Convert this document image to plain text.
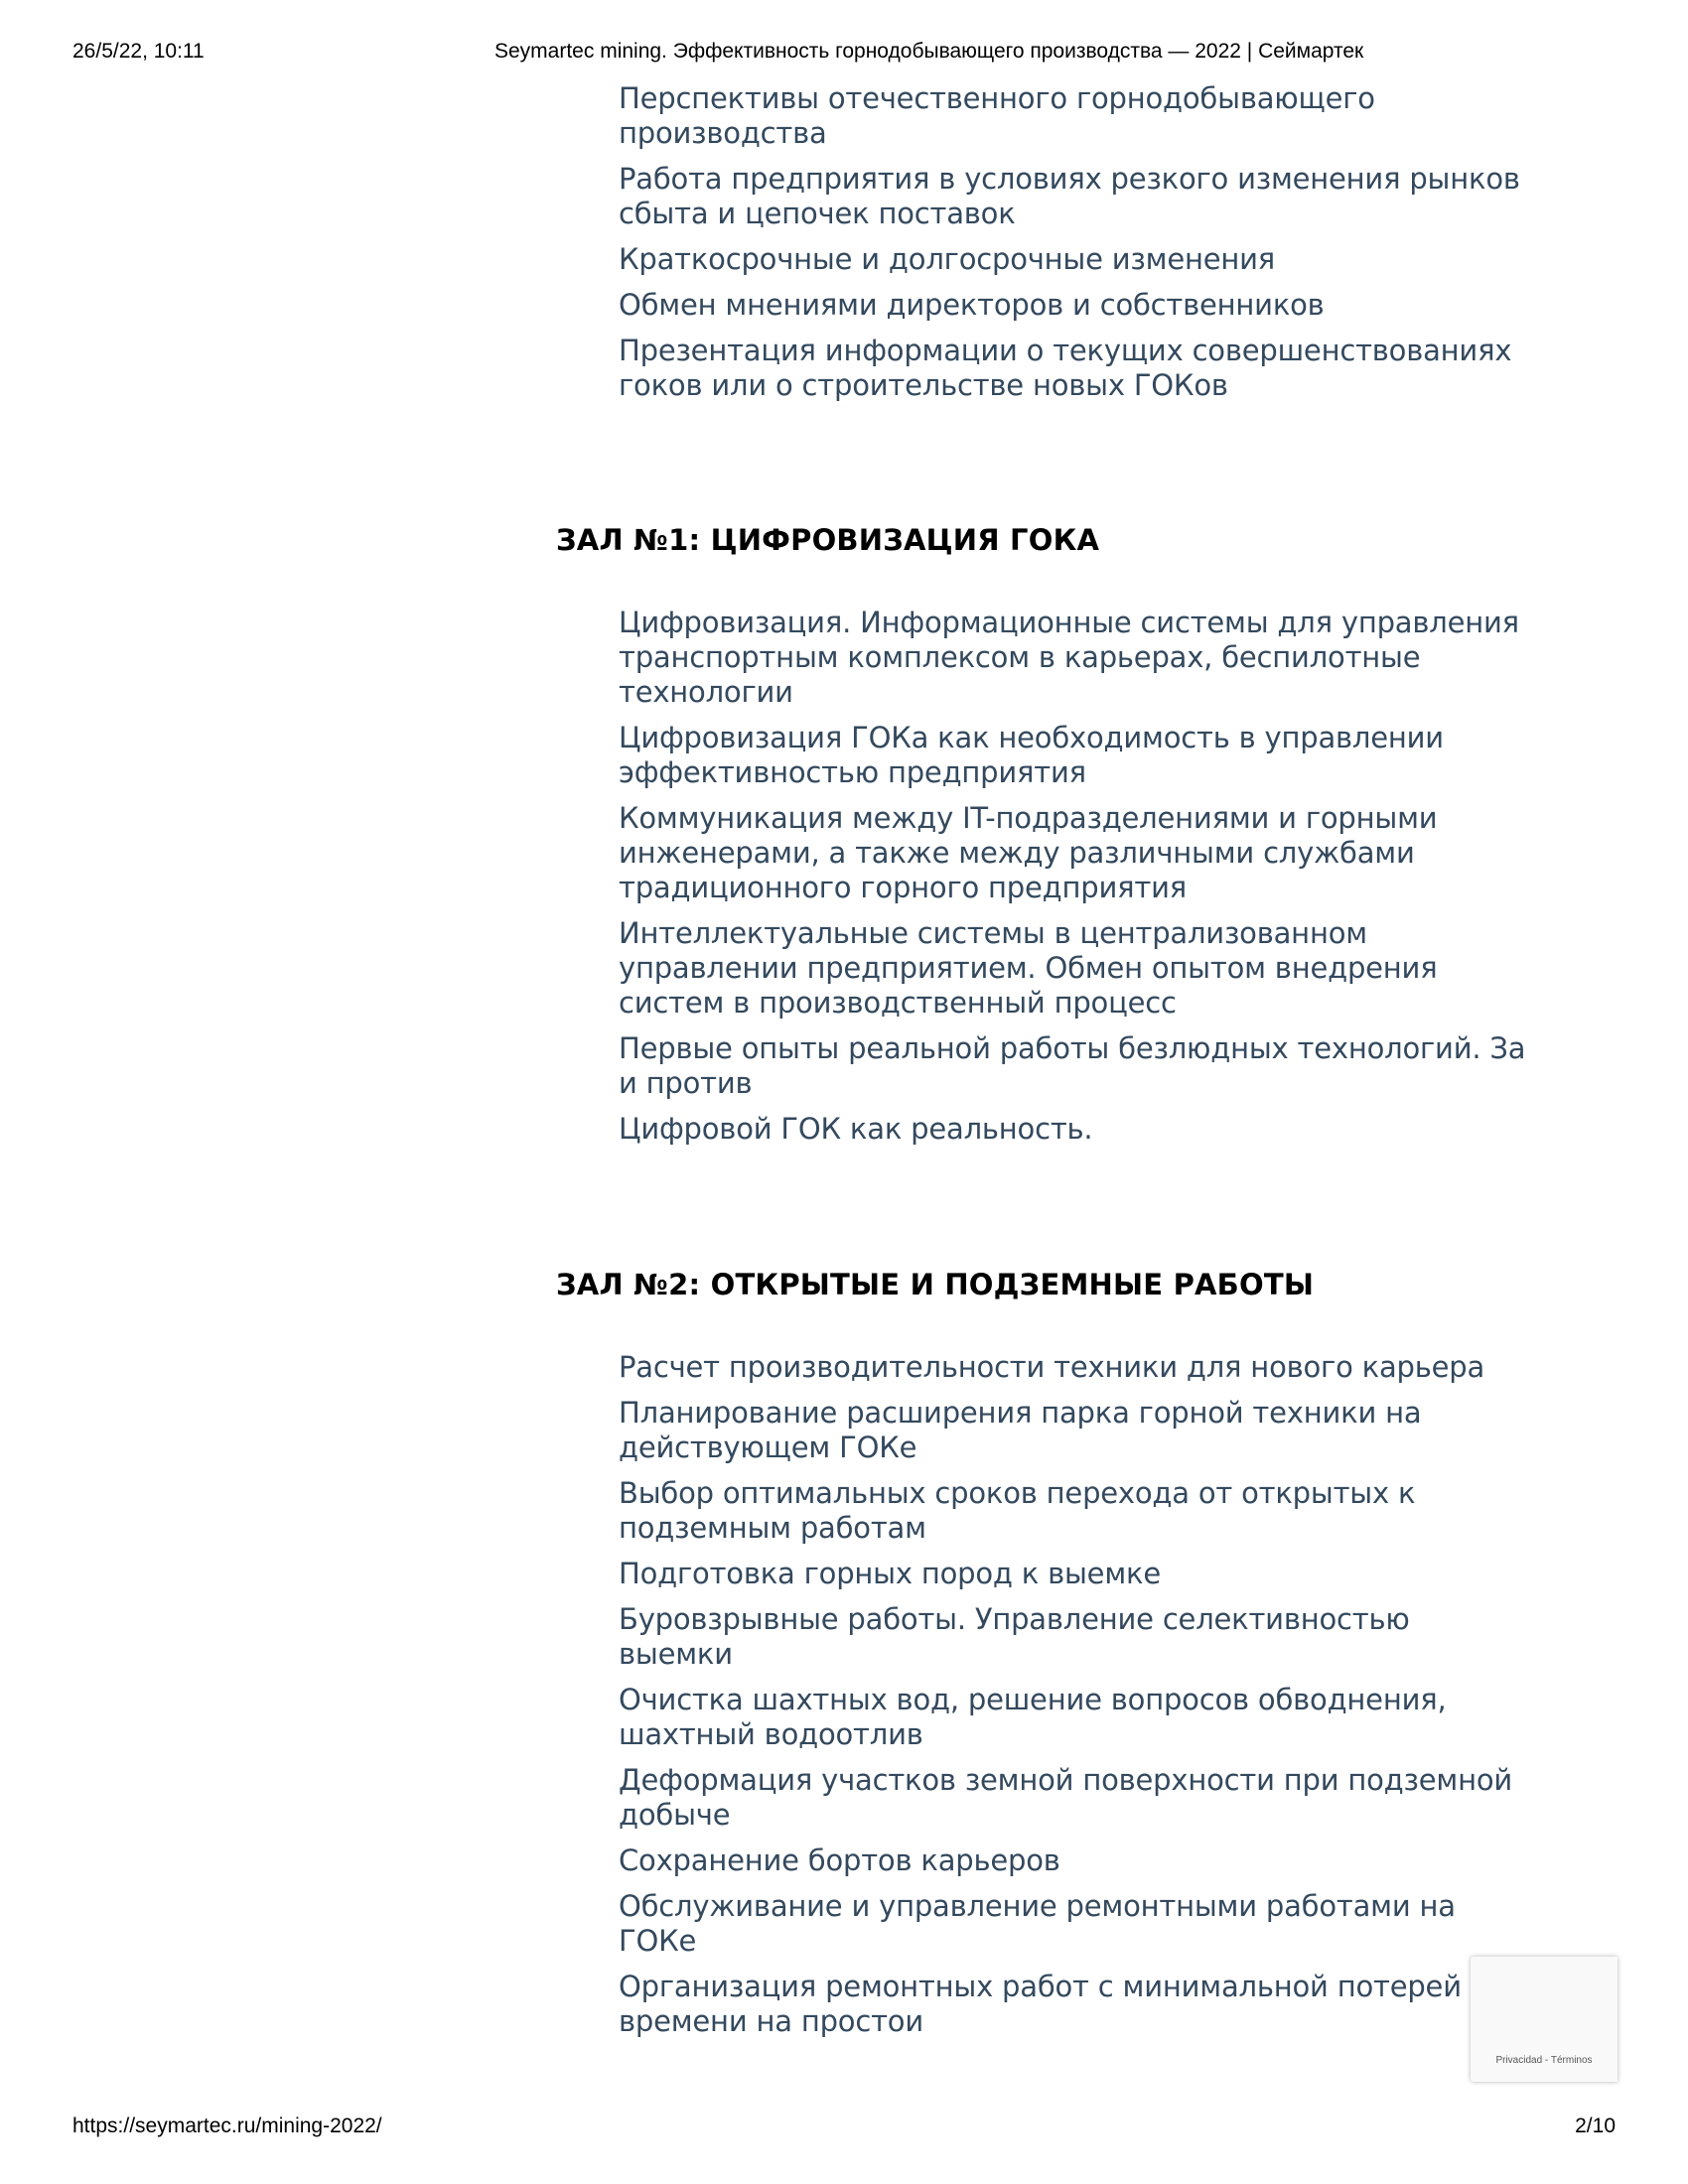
26/5/22, 10:11	Seymartec mining. Эффективность горнодобывающего производства — 2022 | Сеймартек
Перспективы отечественного горнодобывающего производства
Работа предприятия в условиях резкого изменения рынков сбыта и цепочек поставок
Краткосрочные и долгосрочные изменения
Обмен мнениями директоров и собственников
Презентация информации о текущих совершенствованиях гоков или о строительстве новых ГОКов
ЗАЛ №1: ЦИФРОВИЗАЦИЯ ГОКА
Цифровизация. Информационные системы для управления транспортным комплексом в карьерах, беспилотные технологии
Цифровизация ГОКа как необходимость в управлении эффективностью предприятия
Коммуникация между IT-подразделениями и горными инженерами, а также между различными службами традиционного горного предприятия
Интеллектуальные системы в централизованном управлении предприятием. Обмен опытом внедрения систем в производственный процесс
Первые опыты реальной работы безлюдных технологий. За и против
Цифровой ГОК как реальность.
ЗАЛ №2: ОТКРЫТЫЕ И ПОДЗЕМНЫЕ РАБОТЫ
Расчет производительности техники для нового карьера
Планирование расширения парка горной техники на действующем ГОКе
Выбор оптимальных сроков перехода от открытых к подземным работам
Подготовка горных пород к выемке
Буровзрывные работы. Управление селективностью выемки
Очистка шахтных вод, решение вопросов обводнения, шахтный водоотлив
Деформация участков земной поверхности при подземной добыче
Сохранение бортов карьеров
Обслуживание и управление ремонтными работами на ГОКе
Организация ремонтных работ с минимальной потерей времени на простои
Privacidad - Términos
https://seymartec.ru/mining-2022/	2/10
